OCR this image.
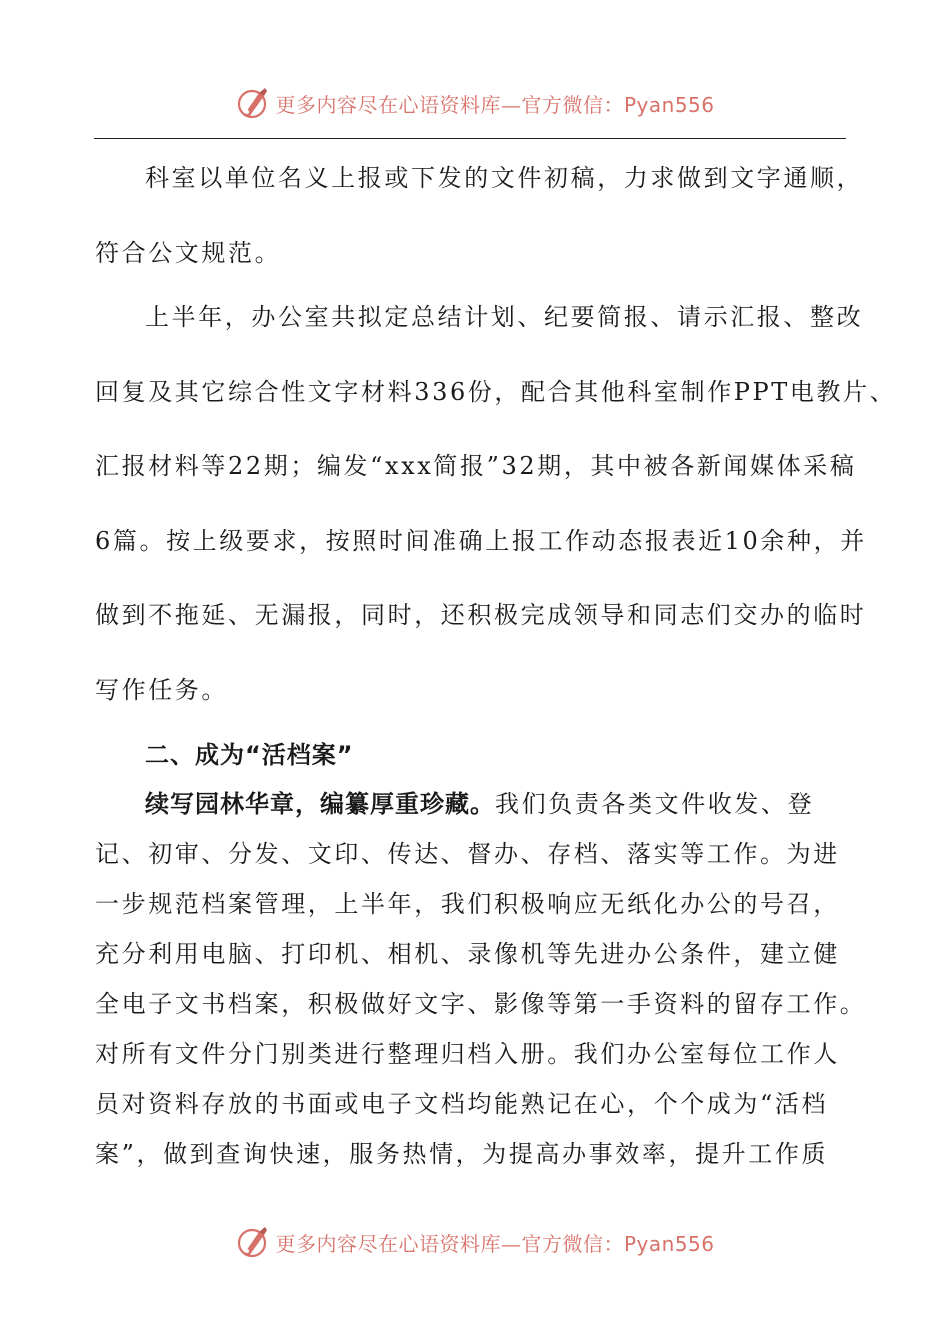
更多内容尽在心语资料库—官方微信：Pyan556
科室以单位名义上报或下发的文件初稿，力求做到文字通顺，
符合公文规范。
上半年，办公室共拟定总结计划、纪要简报、请示汇报、整改
回复及其它综合性文字材料336份，配合其他科室制作PPT电教片、
汇报材料等22期；编发“xxx简报”32期，其中被各新闻媒体采稿
6篇。按上级要求，按照时间准确上报工作动态报表近10余种，并
做到不拖延、无漏报，同时，还积极完成领导和同志们交办的临时
写作任务。
二、成为“活档案”
续写园林华章，编纂厚重珍藏。我们负责各类文件收发、登
记、初审、分发、文印、传达、督办、存档、落实等工作。为进
一步规范档案管理，上半年，我们积极响应无纸化办公的号召，
充分利用电脑、打印机、相机、录像机等先进办公条件，建立健
全电子文书档案，积极做好文字、影像等第一手资料的留存工作。
对所有文件分门别类进行整理归档入册。我们办公室每位工作人
员对资料存放的书面或电子文档均能熟记在心，个个成为“活档
案”，做到查询快速，服务热情，为提高办事效率，提升工作质
更多内容尽在心语资料库—官方微信：Pyan556
